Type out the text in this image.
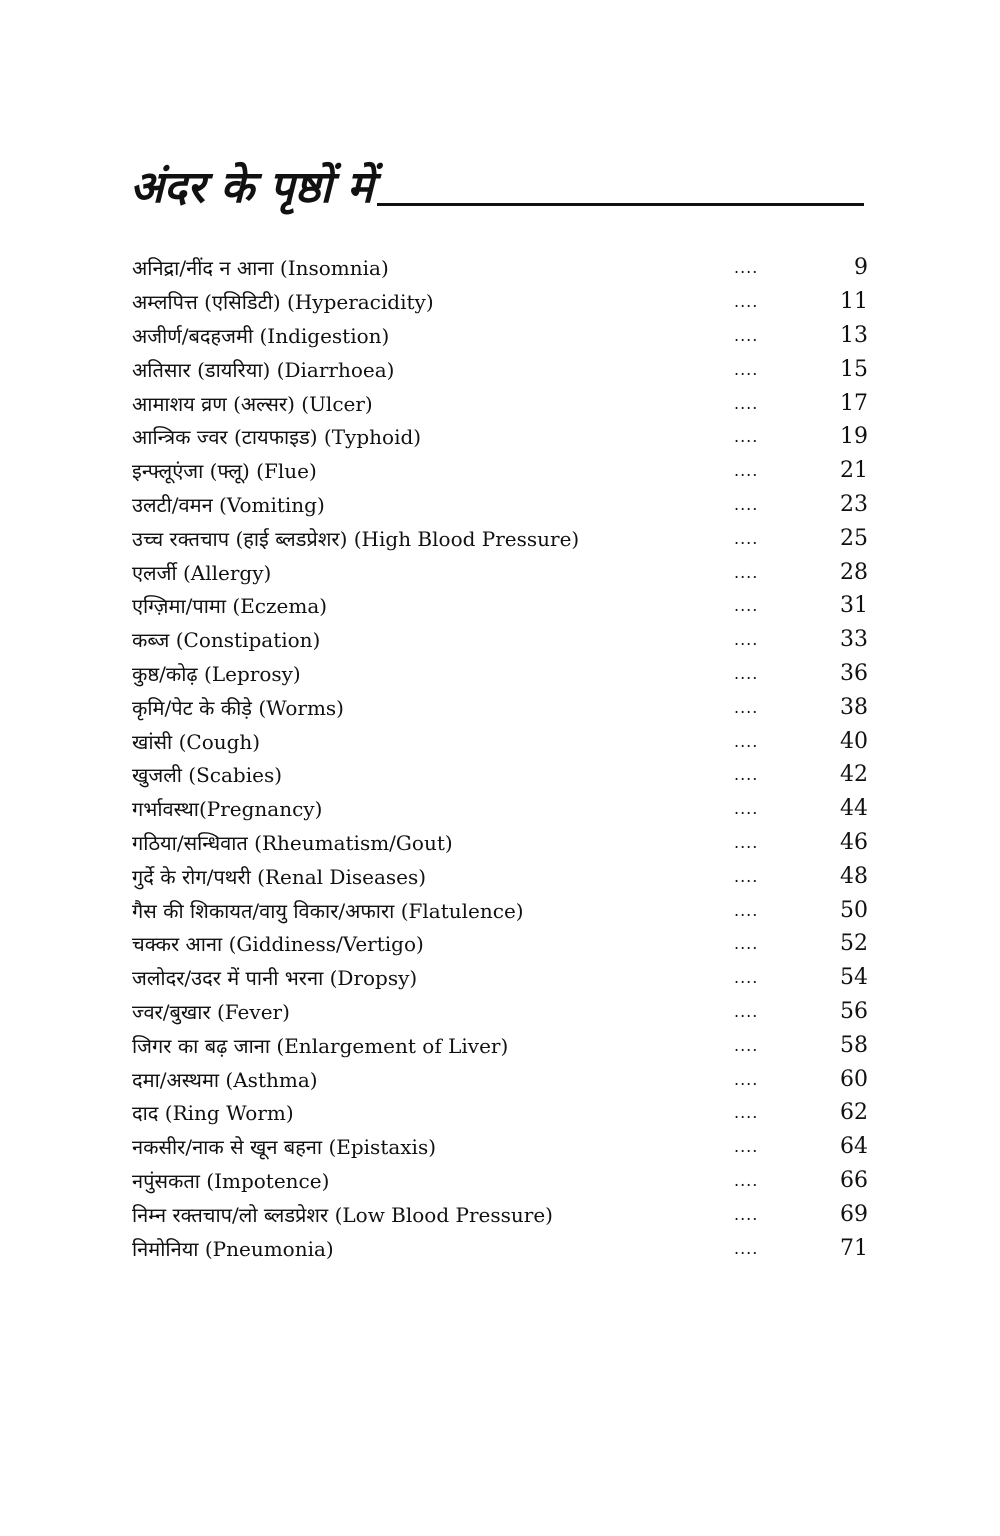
अंदर के पृष्ठों में
अनिद्रा/नींद न आना (Insomnia)	....	9
अम्लपित्त (एसिडिटी) (Hyperacidity)	....	11
अजीर्ण/बदहजमी (Indigestion)	....	13
अतिसार (डायरिया) (Diarrhoea)	....	15
आमाशय व्रण (अल्सर) (Ulcer)	....	17
आन्त्रिक ज्वर (टायफाइड) (Typhoid)	....	19
इन्फ्लूएंजा (फ्लू) (Flue)	....	21
उलटी/वमन (Vomiting)	....	23
उच्च रक्तचाप (हाई ब्लडप्रेशर) (High Blood Pressure)	....	25
एलर्जी (Allergy)	....	28
एग्ज़िमा/पामा (Eczema)	....	31
कब्ज (Constipation)	....	33
कुष्ठ/कोढ़ (Leprosy)	....	36
कृमि/पेट के कीड़े (Worms)	....	38
खांसी (Cough)	....	40
खुजली (Scabies)	....	42
गर्भावस्था(Pregnancy)	....	44
गठिया/सन्धिवात (Rheumatism/Gout)	....	46
गुर्दे के रोग/पथरी (Renal Diseases)	....	48
गैस की शिकायत/वायु विकार/अफारा (Flatulence)	....	50
चक्कर आना (Giddiness/Vertigo)	....	52
जलोदर/उदर में पानी भरना (Dropsy)	....	54
ज्वर/बुखार (Fever)	....	56
जिगर का बढ़ जाना (Enlargement of Liver)	....	58
दमा/अस्थमा (Asthma)	....	60
दाद (Ring Worm)	....	62
नकसीर/नाक से खून बहना (Epistaxis)	....	64
नपुंसकता (Impotence)	....	66
निम्न रक्तचाप/लो ब्लडप्रेशर (Low Blood Pressure)	....	69
निमोनिया (Pneumonia)	....	71
